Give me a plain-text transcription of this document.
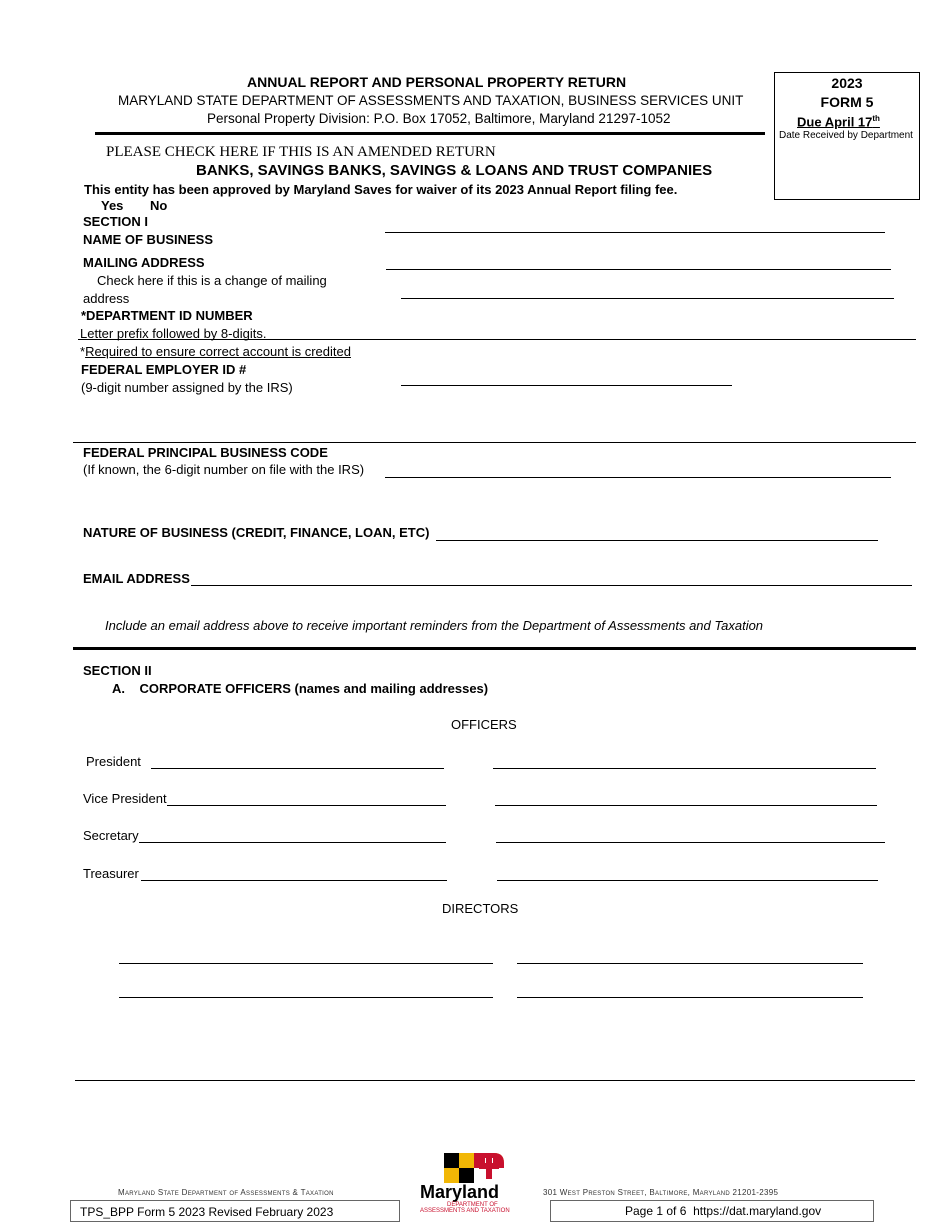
ANNUAL REPORT AND PERSONAL PROPERTY RETURN
MARYLAND STATE DEPARTMENT OF ASSESSMENTS AND TAXATION, BUSINESS SERVICES UNIT
Personal Property Division: P.O. Box 17052, Baltimore, Maryland 21297-1052
2023
FORM 5
Due April 17th
Date Received by Department
PLEASE CHECK HERE IF THIS IS AN AMENDED RETURN
BANKS, SAVINGS BANKS, SAVINGS & LOANS AND TRUST COMPANIES
This entity has been approved by Maryland Saves for waiver of its 2023 Annual Report filing fee.
Yes No
SECTION I
NAME OF BUSINESS
MAILING ADDRESS
Check here if this is a change of mailing
address
*DEPARTMENT ID NUMBER
Letter prefix followed by 8-digits.
*Required to ensure correct account is credited
FEDERAL EMPLOYER ID #
(9-digit number assigned by the IRS)
FEDERAL PRINCIPAL BUSINESS CODE
(If known, the 6-digit number on file with the IRS)
NATURE OF BUSINESS (CREDIT, FINANCE, LOAN, ETC)
EMAIL ADDRESS
Include an email address above to receive important reminders from the Department of Assessments and Taxation
SECTION II
A.    CORPORATE OFFICERS (names and mailing addresses)
OFFICERS
President
Vice President
Secretary
Treasurer
DIRECTORS
Maryland State Department of Assessments & Taxation	301 West Preston Street, Baltimore, Maryland 21201-2395
Maryland
DEPARTMENT OF
ASSESSMENTS AND TAXATION
TPS_BPP Form 5 2023 Revised February 2023	Page 1 of 6 https://dat.maryland.gov
